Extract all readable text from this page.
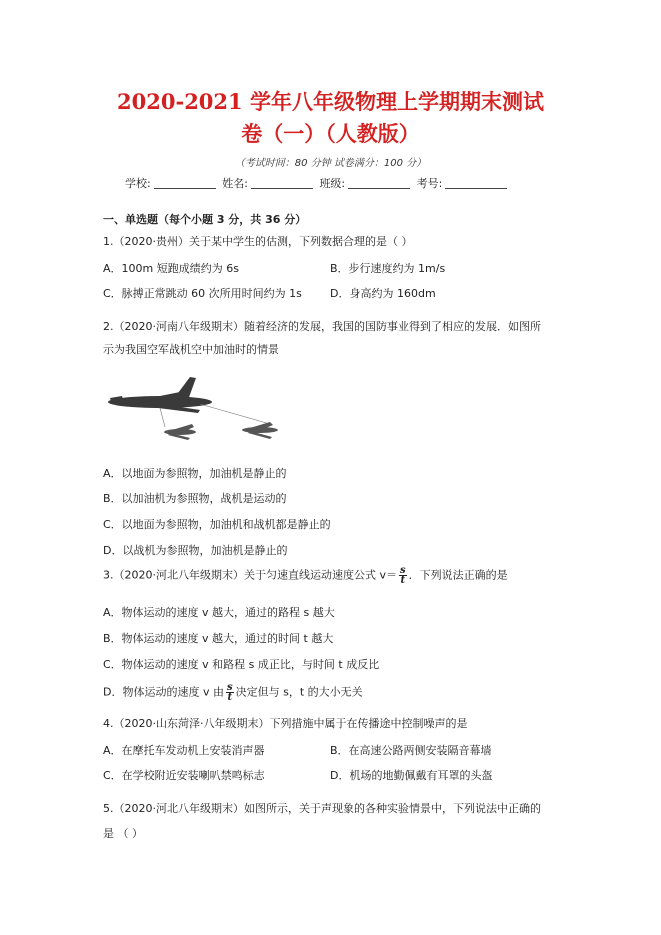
2020-2021 学年八年级物理上学期期末测试
卷（一）（人教版）
（考试时间：80 分钟 试卷满分：100 分）
学校:	姓名:	班级:	考号:
一、单选题（每个小题 3 分，共 36 分）
1.（2020·贵州）关于某中学生的估测，下列数据合理的是（ ）
A．100m 短跑成绩约为 6s	B．步行速度约为 1m/s
C．脉搏正常跳动 60 次所用时间约为 1s	D．身高约为 160dm
2.（2020·河南八年级期末）随着经济的发展，我国的国防事业得到了相应的发展．如图所
示为我国空军战机空中加油时的情景
A．以地面为参照物，加油机是静止的
B．以加油机为参照物，战机是运动的
C．以地面为参照物，加油机和战机都是静止的
D．以战机为参照物，加油机是静止的
3.（2020·河北八年级期末）关于匀速直线运动速度公式 $v= \frac{s}{t}$ ．下列说法正确的是
A．物体运动的速度 v 越大，通过的路程 s 越大
B．物体运动的速度 v 越大，通过的时间 t 越大
C．物体运动的速度 v 和路程 s 成正比，与时间 t 成反比
D．物体运动的速度 v 由 $\frac{s}{t}$ 决定但与 s，t 的大小无关
4.（2020·山东菏泽·八年级期末）下列措施中属于在传播途中控制噪声的是
A．在摩托车发动机上安装消声器	B．在高速公路两侧安装隔音幕墙
C．在学校附近安装喇叭禁鸣标志	D．机场的地勤佩戴有耳罩的头盔
5.（2020·河北八年级期末）如图所示，关于声现象的各种实验情景中，下列说法中正确的
是 （ ）
